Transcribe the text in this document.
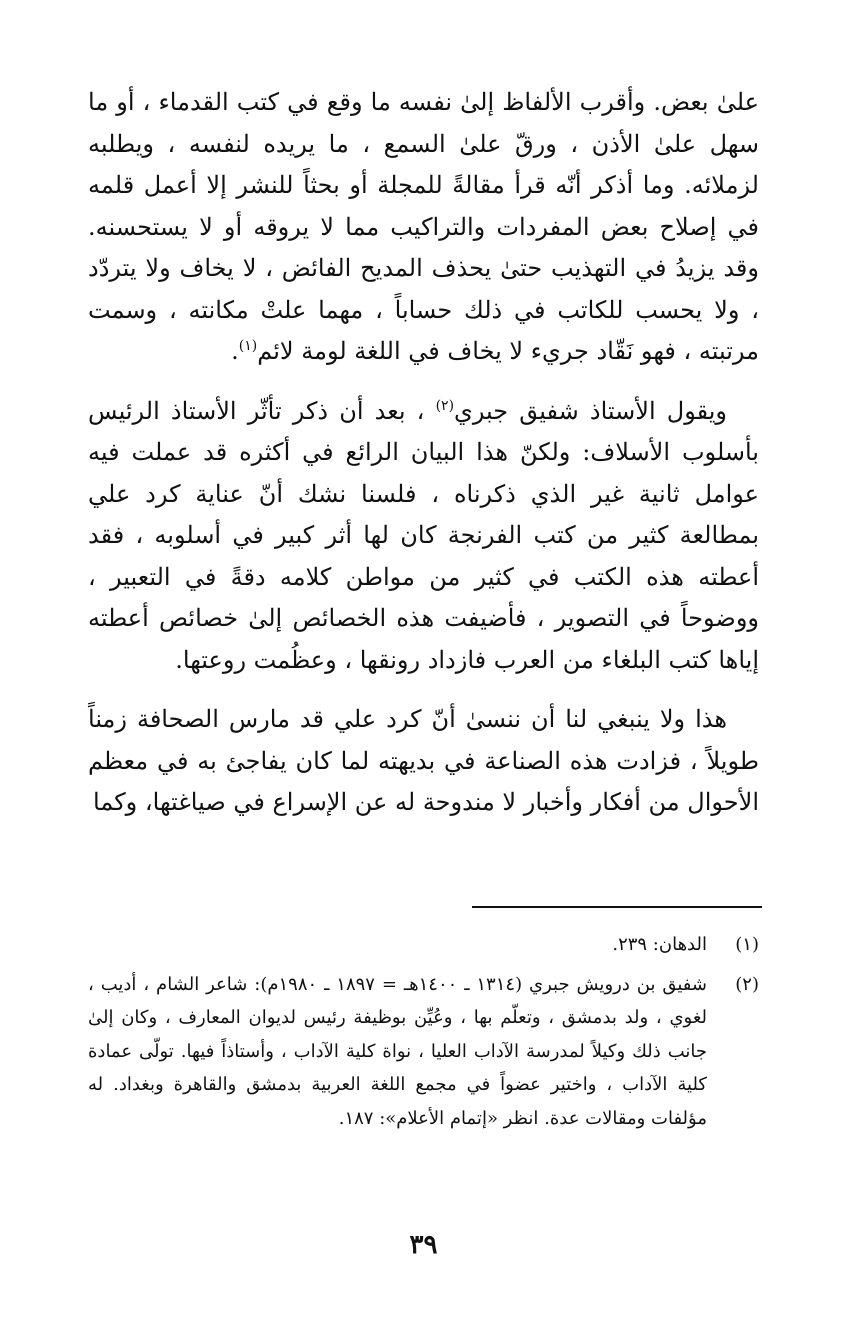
علىٰ بعض. وأقرب الألفاظ إلىٰ نفسه ما وقع في كتب القدماء ، أو ما سهل علىٰ الأذن ، ورقّ علىٰ السمع ، ما يريده لنفسه ، ويطلبه لزملائه. وما أذكر أنّه قرأ مقالةً للمجلة أو بحثاً للنشر إلا أعمل قلمه في إصلاح بعض المفردات والتراكيب مما لا يروقه أو لا يستحسنه. وقد يزيدُ في التهذيب حتىٰ يحذف المديح الفائض ، لا يخاف ولا يتردّد ، ولا يحسب للكاتب في ذلك حساباً ، مهما علتْ مكانته ، وسمت مرتبته ، فهو نَقّاد جريء لا يخاف في اللغة لومة لائم$^{(١)}$.

ويقول الأستاذ شفيق جبري$^{(٢)}$ ، بعد أن ذكر تأثّر الأستاذ الرئيس بأسلوب الأسلاف: ولكنّ هذا البيان الرائع في أكثره قد عملت فيه عوامل ثانية غير الذي ذكرناه ، فلسنا نشك أنّ عناية كرد علي بمطالعة كثير من كتب الفرنجة كان لها أثر كبير في أسلوبه ، فقد أعطته هذه الكتب في كثير من مواطن كلامه دقةً في التعبير ، ووضوحاً في التصوير ، فأضيفت هذه الخصائص إلىٰ خصائص أعطته إياها كتب البلغاء من العرب فازداد رونقها ، وعظُمت روعتها.

هذا ولا ينبغي لنا أن ننسىٰ أنّ كرد علي قد مارس الصحافة زمناً طويلاً ، فزادت هذه الصناعة في بديهته لما كان يفاجئ به في معظم الأحوال من أفكار وأخبار لا مندوحة له عن الإسراع في صياغتها، وكما

(١)
الدهان: ٢٣٩.
(٢)
شفيق بن درويش جبري (١٣١٤ ـ ١٤٠٠هـ = ١٨٩٧ ـ ١٩٨٠م): شاعر الشام ، أديب ، لغوي ، ولد بدمشق ، وتعلّم بها ، وعُيِّن بوظيفة رئيس لديوان المعارف ، وكان إلىٰ جانب ذلك وكيلاً لمدرسة الآداب العليا ، نواة كلية الآداب ، وأستاذاً فيها. تولّى عمادة كلية الآداب ، واختير عضواً في مجمع اللغة العربية بدمشق والقاهرة وبغداد. له مؤلفات ومقالات عدة. انظر «إتمام الأعلام»: ١٨٧.
٣٩
